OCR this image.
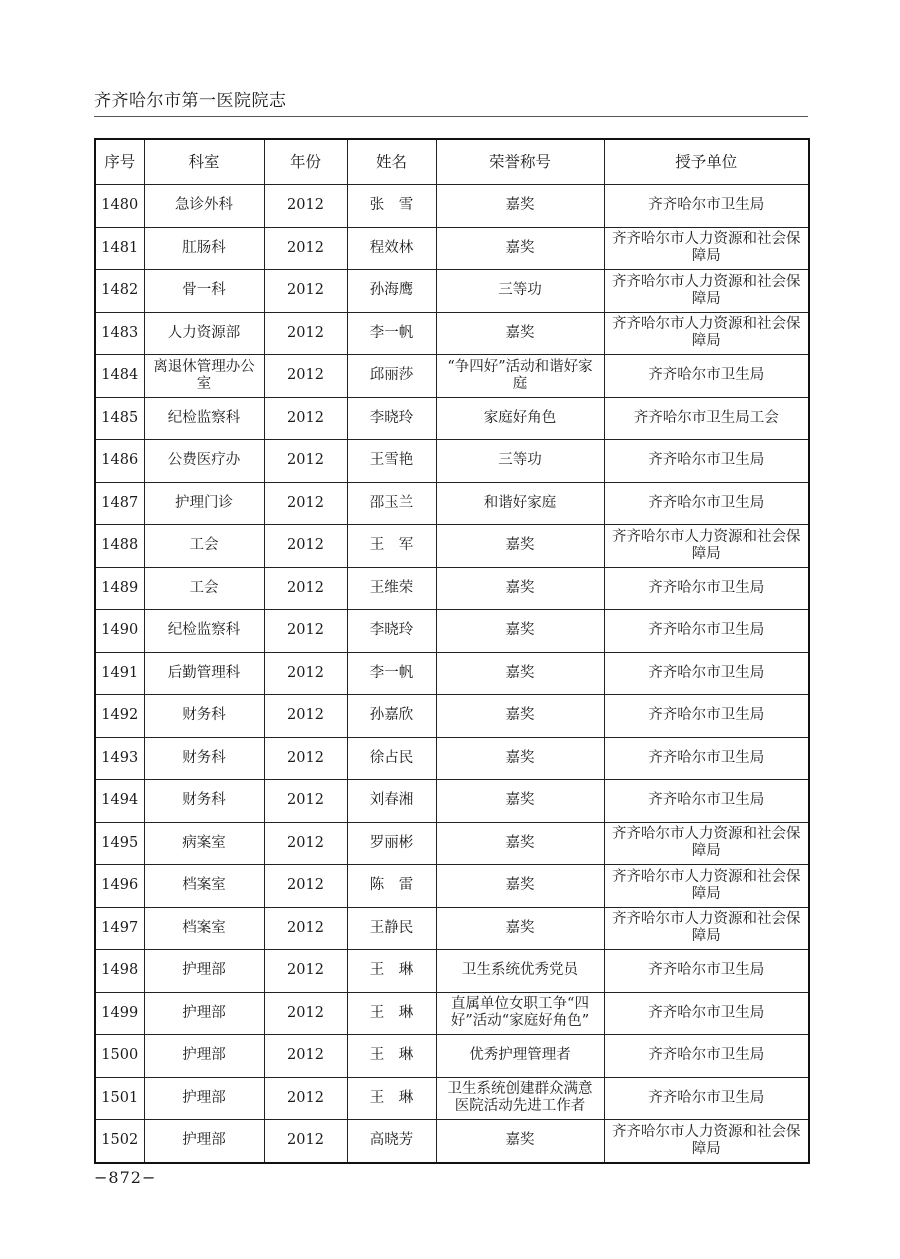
齐齐哈尔市第一医院院志
序号	科室	年份	姓名	荣誉称号	授予单位
1480	急诊外科	2012	张　雪	嘉奖	齐齐哈尔市卫生局
1481	肛肠科	2012	程效林	嘉奖	齐齐哈尔市人力资源和社会保障局
1482	骨一科	2012	孙海鹰	三等功	齐齐哈尔市人力资源和社会保障局
1483	人力资源部	2012	李一帆	嘉奖	齐齐哈尔市人力资源和社会保障局
1484	离退休管理办公室	2012	邱丽莎	“争四好”活动和谐好家庭	齐齐哈尔市卫生局
1485	纪检监察科	2012	李晓玲	家庭好角色	齐齐哈尔市卫生局工会
1486	公费医疗办	2012	王雪艳	三等功	齐齐哈尔市卫生局
1487	护理门诊	2012	邵玉兰	和谐好家庭	齐齐哈尔市卫生局
1488	工会	2012	王　军	嘉奖	齐齐哈尔市人力资源和社会保障局
1489	工会	2012	王维荣	嘉奖	齐齐哈尔市卫生局
1490	纪检监察科	2012	李晓玲	嘉奖	齐齐哈尔市卫生局
1491	后勤管理科	2012	李一帆	嘉奖	齐齐哈尔市卫生局
1492	财务科	2012	孙嘉欣	嘉奖	齐齐哈尔市卫生局
1493	财务科	2012	徐占民	嘉奖	齐齐哈尔市卫生局
1494	财务科	2012	刘春湘	嘉奖	齐齐哈尔市卫生局
1495	病案室	2012	罗丽彬	嘉奖	齐齐哈尔市人力资源和社会保障局
1496	档案室	2012	陈　雷	嘉奖	齐齐哈尔市人力资源和社会保障局
1497	档案室	2012	王静民	嘉奖	齐齐哈尔市人力资源和社会保障局
1498	护理部	2012	王　琳	卫生系统优秀党员	齐齐哈尔市卫生局
1499	护理部	2012	王　琳	直属单位女职工争“四好”活动“家庭好角色”	齐齐哈尔市卫生局
1500	护理部	2012	王　琳	优秀护理管理者	齐齐哈尔市卫生局
1501	护理部	2012	王　琳	卫生系统创建群众满意医院活动先进工作者	齐齐哈尔市卫生局
1502	护理部	2012	高晓芳	嘉奖	齐齐哈尔市人力资源和社会保障局
−872−
